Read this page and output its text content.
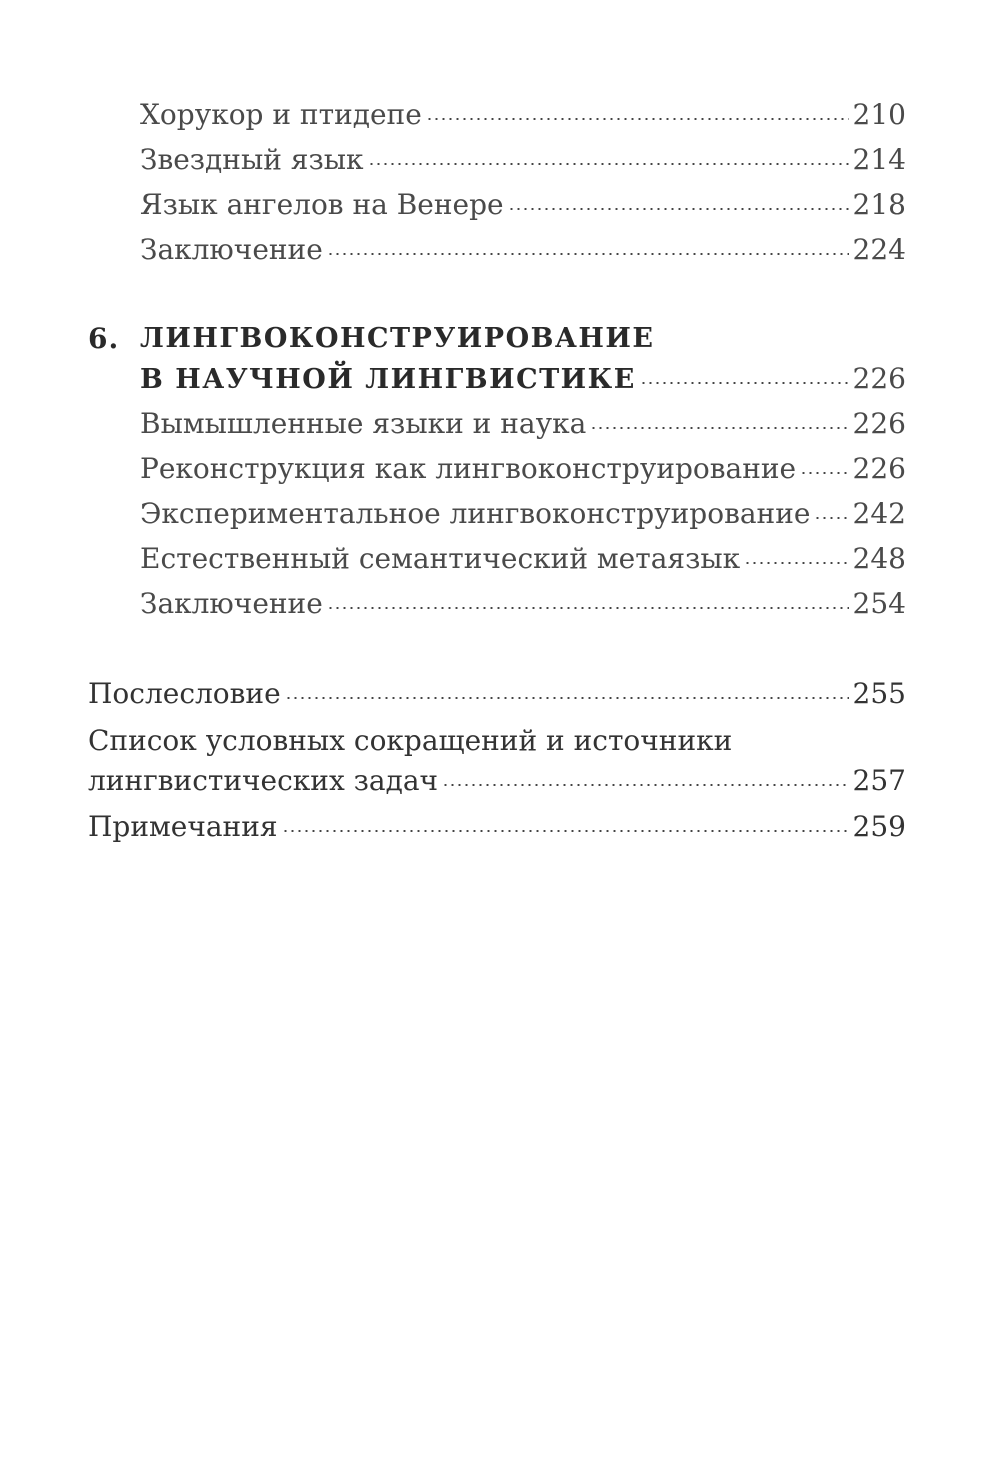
Хорукор и птидепе	210
Звездный язык	214
Язык ангелов на Венере	218
Заключение	224
6. ЛИНГВОКОНСТРУИРОВАНИЕ
В НАУЧНОЙ ЛИНГВИСТИКЕ	226
Вымышленные языки и наука	226
Реконструкция как лингвоконструирование 226
Экспериментальное лингвоконструирование 242
Естественный семантический метаязык	248
Заключение	254
Послесловие	255
Список условных сокращений и источники
лингвистических задач	257
Примечания	259
